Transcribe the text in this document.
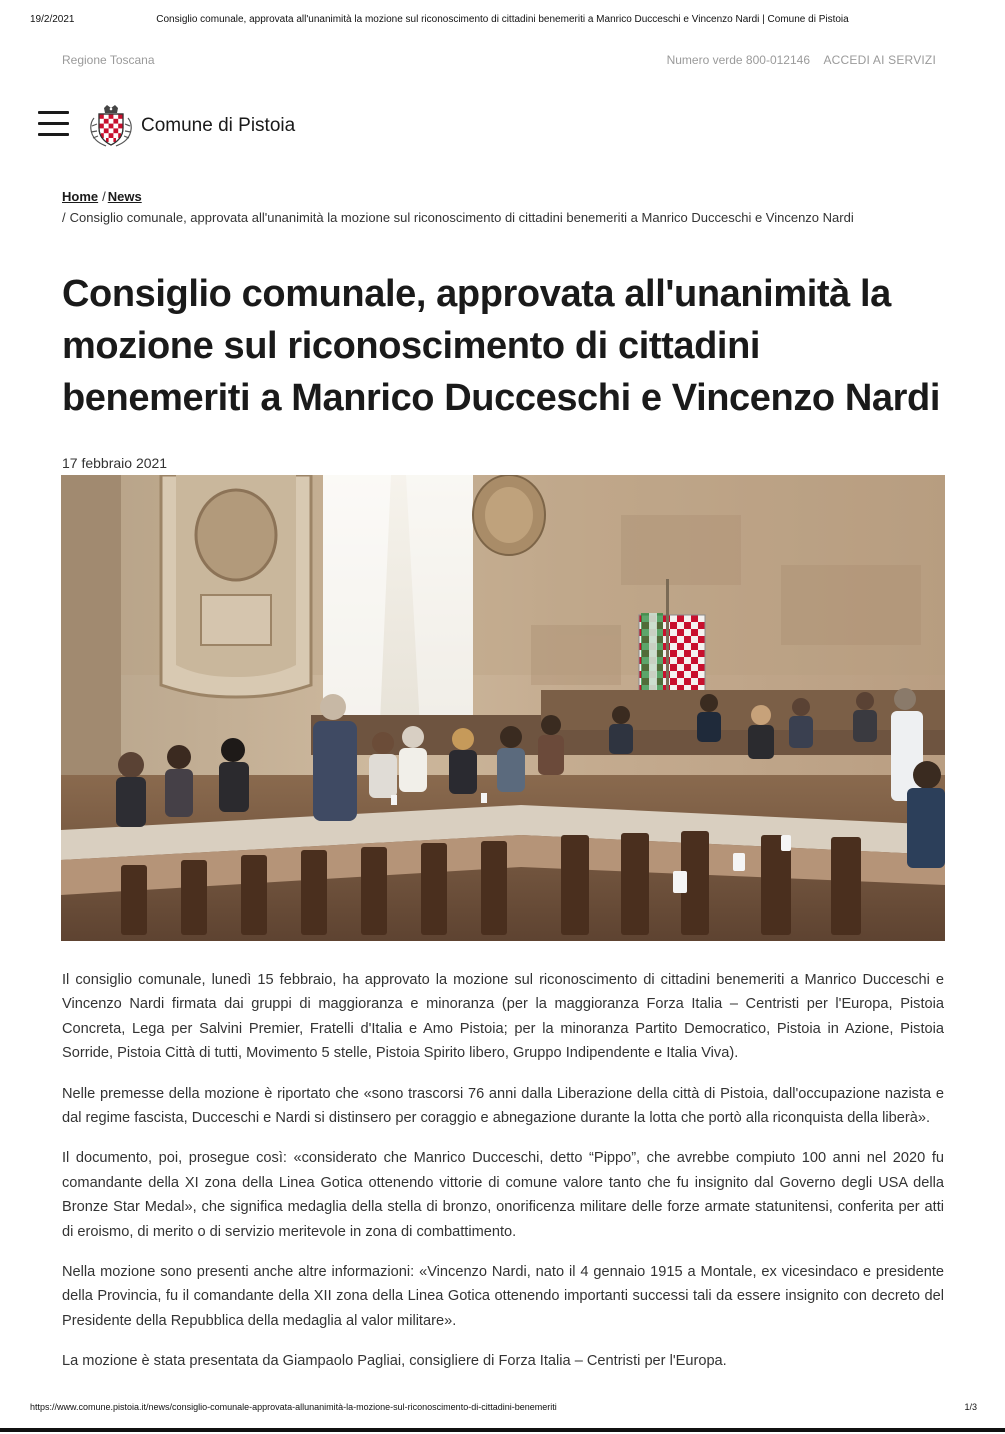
19/2/2021	Consiglio comunale, approvata all'unanimità la mozione sul riconoscimento di cittadini benemeriti a Manrico Ducceschi e Vincenzo Nardi | Comune di Pistoia
Regione Toscana	Numero verde 800-012146 ACCEDI AI SERVIZI
Comune di Pistoia
Home / News
/ Consiglio comunale, approvata all'unanimità la mozione sul riconoscimento di cittadini benemeriti a Manrico Ducceschi e Vincenzo Nardi
Consiglio comunale, approvata all'unanimità la mozione sul riconoscimento di cittadini benemeriti a Manrico Ducceschi e Vincenzo Nardi
17 febbraio 2021

Il consiglio comunale, lunedì 15 febbraio, ha approvato la mozione sul riconoscimento di cittadini benemeriti a Manrico Ducceschi e Vincenzo Nardi firmata dai gruppi di maggioranza e minoranza (per la maggioranza Forza Italia – Centristi per l'Europa, Pistoia Concreta, Lega per Salvini Premier, Fratelli d'Italia e Amo Pistoia; per la minoranza Partito Democratico, Pistoia in Azione, Pistoia Sorride, Pistoia Città di tutti, Movimento 5 stelle, Pistoia Spirito libero, Gruppo Indipendente e Italia Viva).

Nelle premesse della mozione è riportato che «sono trascorsi 76 anni dalla Liberazione della città di Pistoia, dall'occupazione nazista e dal regime fascista, Ducceschi e Nardi si distinsero per coraggio e abnegazione durante la lotta che portò alla riconquista della liberà».

Il documento, poi, prosegue così: «considerato che Manrico Ducceschi, detto “Pippo”, che avrebbe compiuto 100 anni nel 2020 fu comandante della XI zona della Linea Gotica ottenendo vittorie di comune valore tanto che fu insignito dal Governo degli USA della Bronze Star Medal», che significa medaglia della stella di bronzo, onorificenza militare delle forze armate statunitensi, conferita per atti di eroismo, di merito o di servizio meritevole in zona di combattimento.

Nella mozione sono presenti anche altre informazioni: «Vincenzo Nardi, nato il 4 gennaio 1915 a Montale, ex vicesindaco e presidente della Provincia, fu il comandante della XII zona della Linea Gotica ottenendo importanti successi tali da essere insignito con decreto del Presidente della Repubblica della medaglia al valor militare».

La mozione è stata presentata da Giampaolo Pagliai, consigliere di Forza Italia – Centristi per l'Europa.

https://www.comune.pistoia.it/news/consiglio-comunale-approvata-allunanimità-la-mozione-sul-riconoscimento-di-cittadini-benemeriti	1/3
